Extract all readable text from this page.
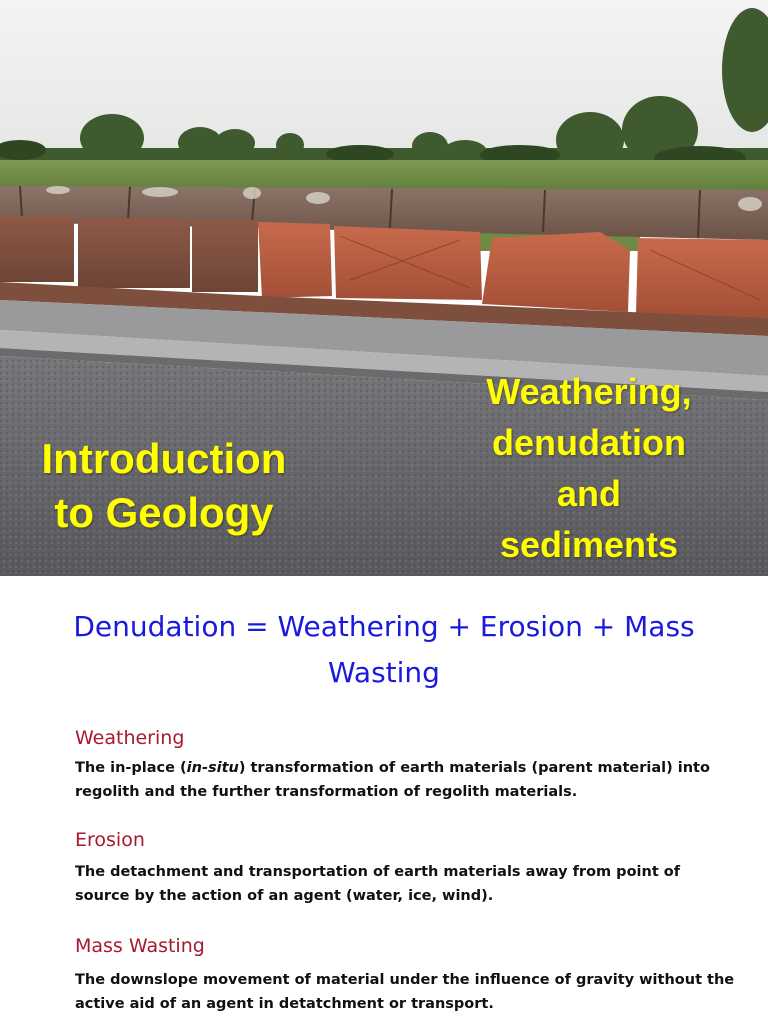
Introduction
to Geology
Weathering,
denudation
and
sediments
Denudation = Weathering + Erosion + Mass
Wasting
Weathering

The in-place (in-situ) transformation of earth materials (parent material) into regolith and the further transformation of regolith materials.

Erosion

The detachment and transportation of earth materials away from point of source by the action of an agent (water, ice, wind).

Mass Wasting

The downslope movement of material under the influence of gravity without the active aid of an agent in detatchment or transport.
